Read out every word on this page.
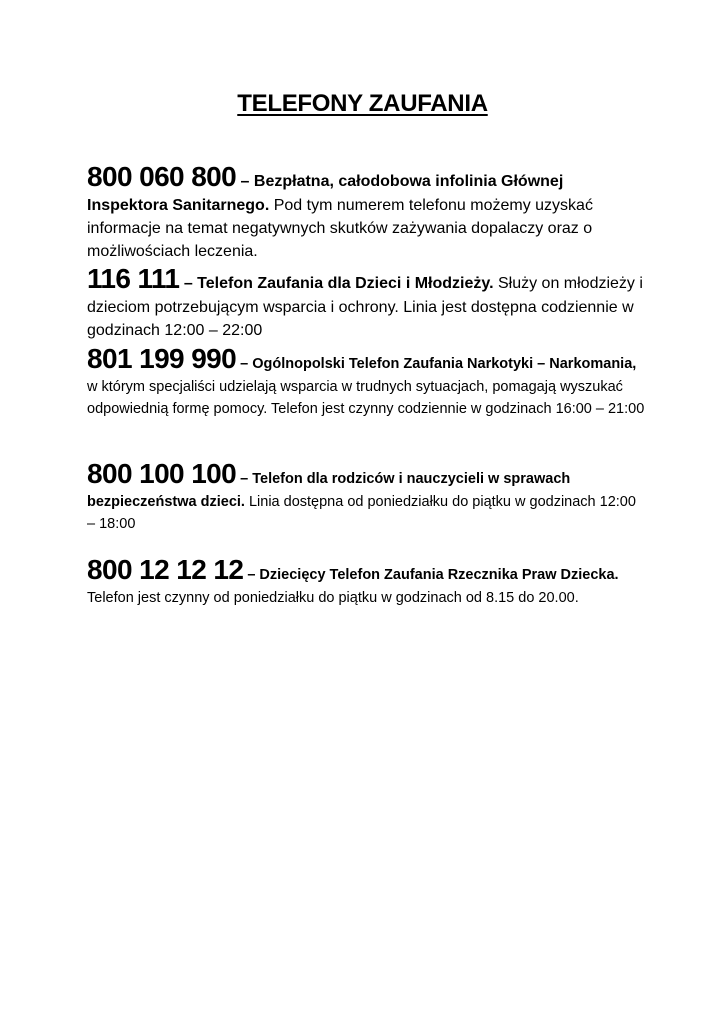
TELEFONY ZAUFANIA

800 060 800 – Bezpłatna, całodobowa infolinia Głównej Inspektora Sanitarnego. Pod tym numerem telefonu możemy uzyskać informacje na temat negatywnych skutków zażywania dopalaczy oraz o możliwościach leczenia.

116 111 – Telefon Zaufania dla Dzieci i Młodzieży. Służy on młodzieży i dzieciom potrzebującym wsparcia i ochrony. Linia jest dostępna codziennie w godzinach 12:00 – 22:00

801 199 990 – Ogólnopolski Telefon Zaufania Narkotyki – Narkomania, w którym specjaliści udzielają wsparcia w trudnych sytuacjach, pomagają wyszukać odpowiednią formę pomocy. Telefon jest czynny codziennie w godzinach 16:00 – 21:00

800 100 100 – Telefon dla rodziców i nauczycieli w sprawach bezpieczeństwa dzieci. Linia dostępna od poniedziałku do piątku w godzinach 12:00 – 18:00

800 12 12 12 – Dziecięcy Telefon Zaufania Rzecznika Praw Dziecka. Telefon jest czynny od poniedziałku do piątku w godzinach od 8.15 do 20.00.
